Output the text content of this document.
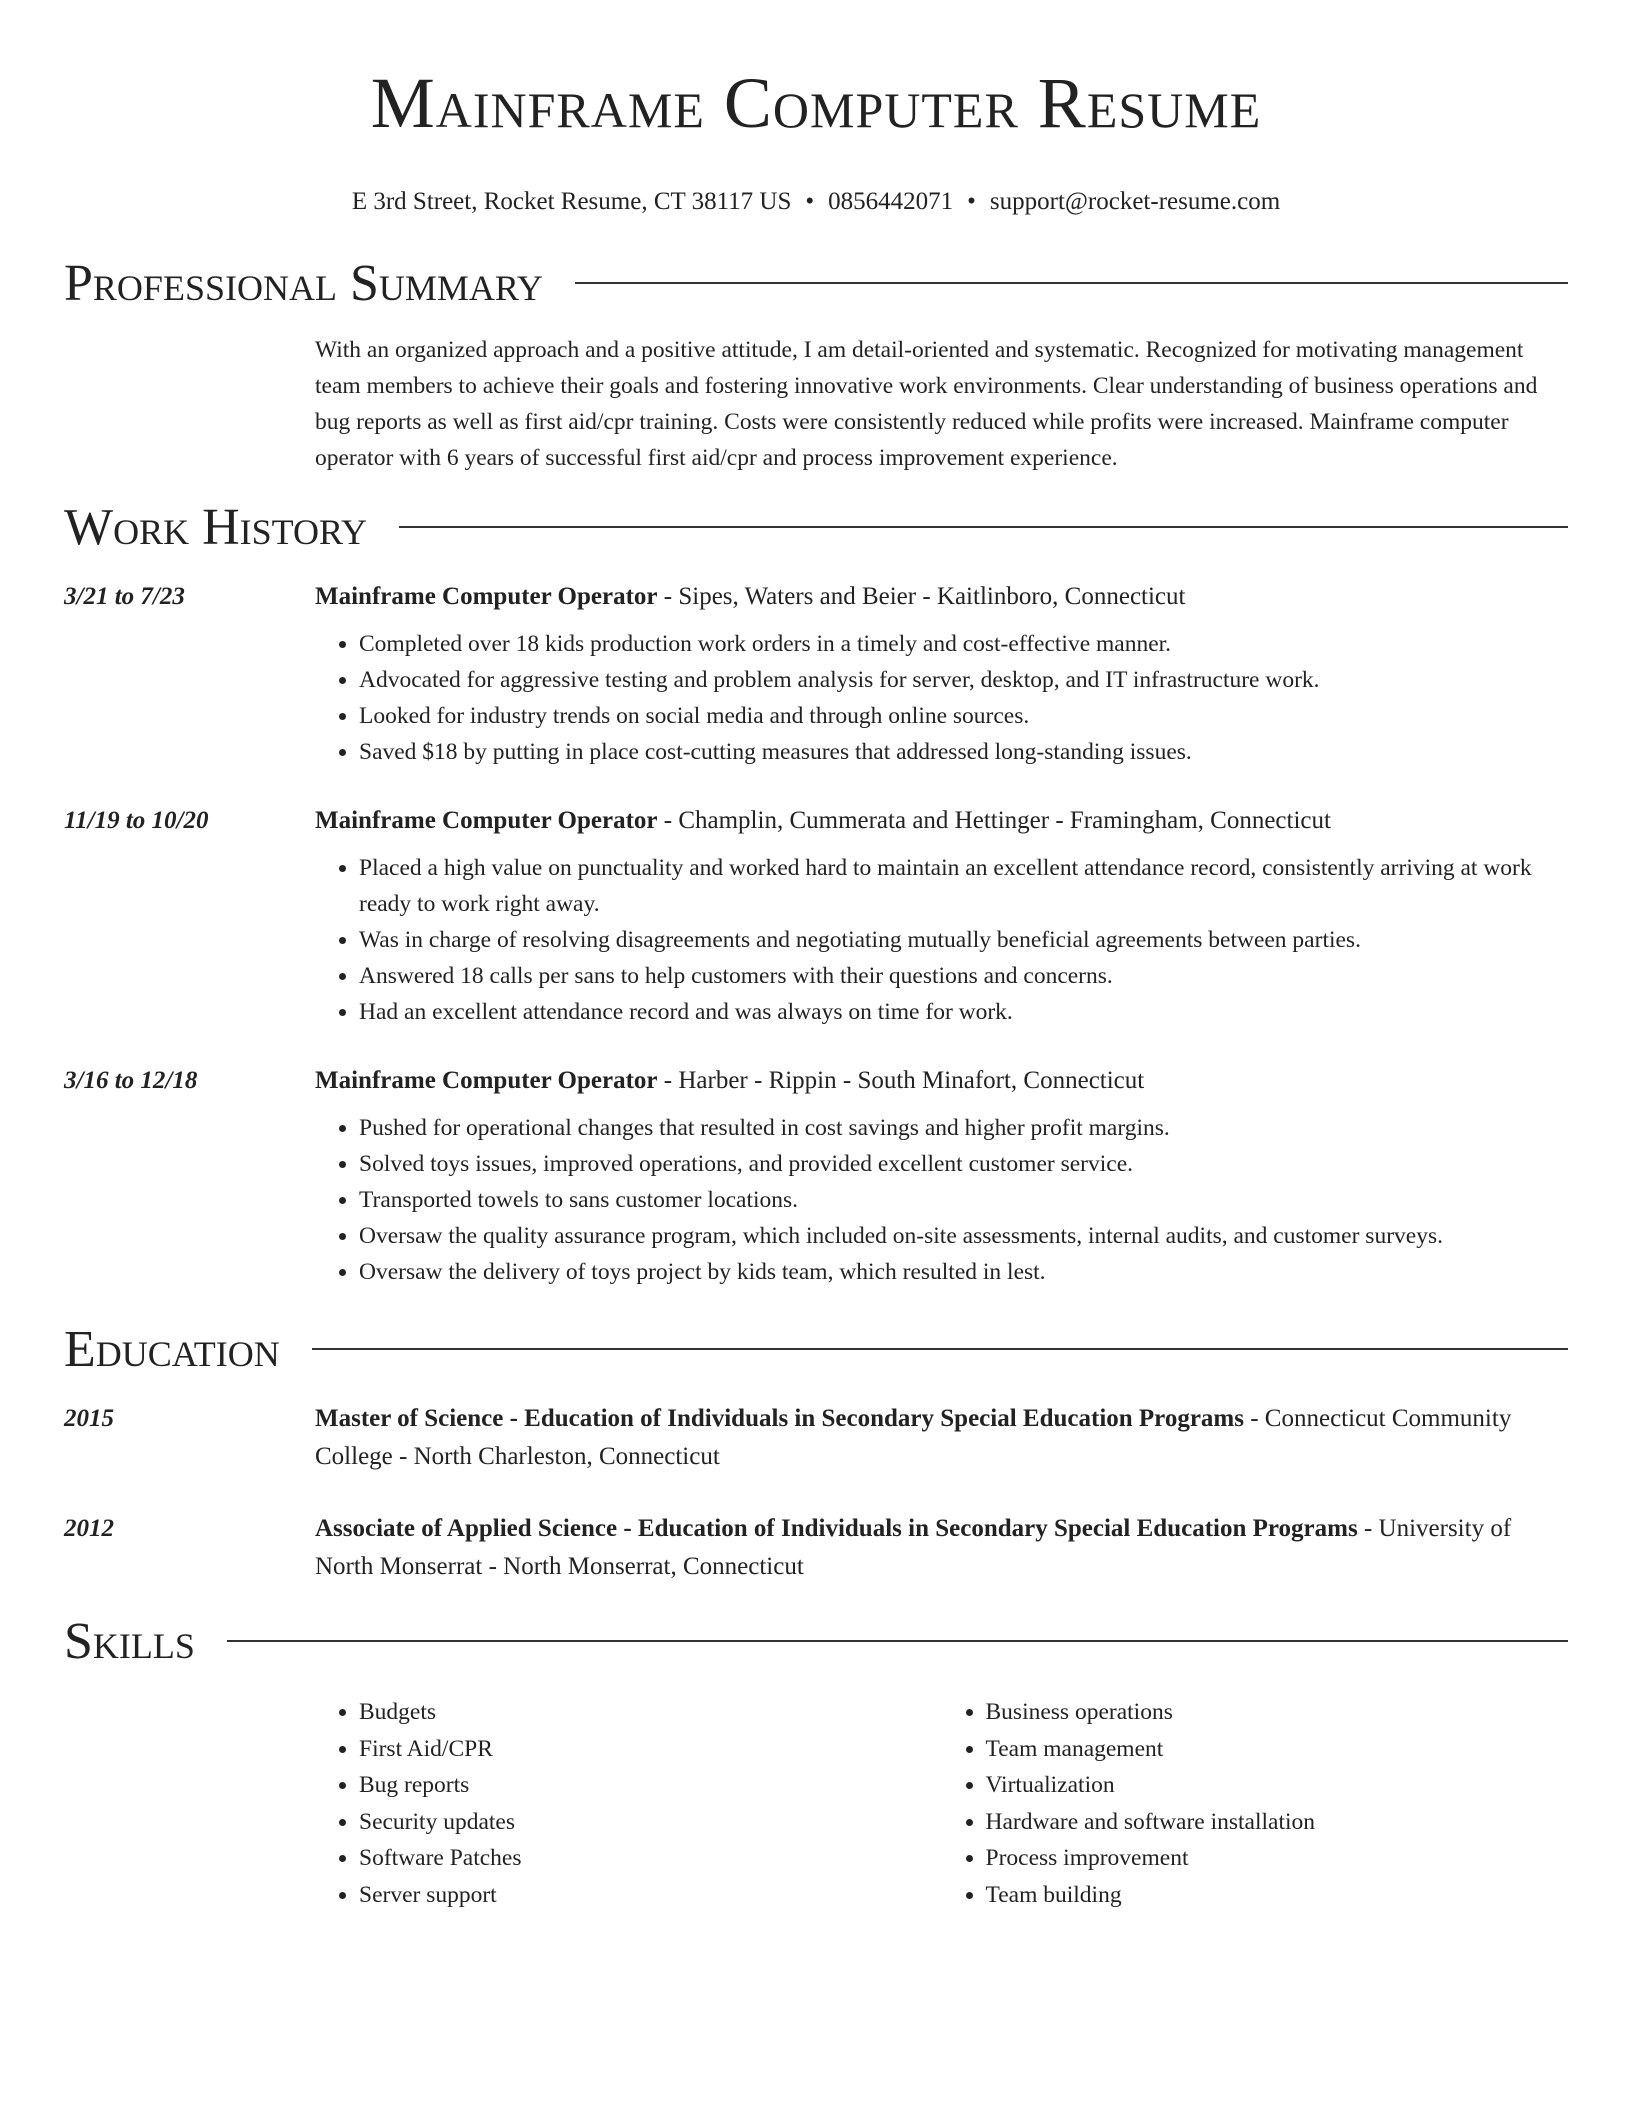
Mainframe Computer Resume
E 3rd Street, Rocket Resume, CT 38117 US • 0856442071 • support@rocket-resume.com
Professional Summary
With an organized approach and a positive attitude, I am detail-oriented and systematic. Recognized for motivating management team members to achieve their goals and fostering innovative work environments. Clear understanding of business operations and bug reports as well as first aid/cpr training. Costs were consistently reduced while profits were increased. Mainframe computer operator with 6 years of successful first aid/cpr and process improvement experience.
Work History
3/21 to 7/23	Mainframe Computer Operator - Sipes, Waters and Beier - Kaitlinboro, Connecticut
• Completed over 18 kids production work orders in a timely and cost-effective manner.
• Advocated for aggressive testing and problem analysis for server, desktop, and IT infrastructure work.
• Looked for industry trends on social media and through online sources.
• Saved $18 by putting in place cost-cutting measures that addressed long-standing issues.
11/19 to 10/20	Mainframe Computer Operator - Champlin, Cummerata and Hettinger - Framingham, Connecticut
• Placed a high value on punctuality and worked hard to maintain an excellent attendance record, consistently arriving at work ready to work right away.
• Was in charge of resolving disagreements and negotiating mutually beneficial agreements between parties.
• Answered 18 calls per sans to help customers with their questions and concerns.
• Had an excellent attendance record and was always on time for work.
3/16 to 12/18	Mainframe Computer Operator - Harber - Rippin - South Minafort, Connecticut
• Pushed for operational changes that resulted in cost savings and higher profit margins.
• Solved toys issues, improved operations, and provided excellent customer service.
• Transported towels to sans customer locations.
• Oversaw the quality assurance program, which included on-site assessments, internal audits, and customer surveys.
• Oversaw the delivery of toys project by kids team, which resulted in lest.
Education
2015	Master of Science - Education of Individuals in Secondary Special Education Programs - Connecticut Community College - North Charleston, Connecticut
2012	Associate of Applied Science - Education of Individuals in Secondary Special Education Programs - University of North Monserrat - North Monserrat, Connecticut
Skills
• Budgets
• First Aid/CPR
• Bug reports
• Security updates
• Software Patches
• Server support
• Business operations
• Team management
• Virtualization
• Hardware and software installation
• Process improvement
• Team building
